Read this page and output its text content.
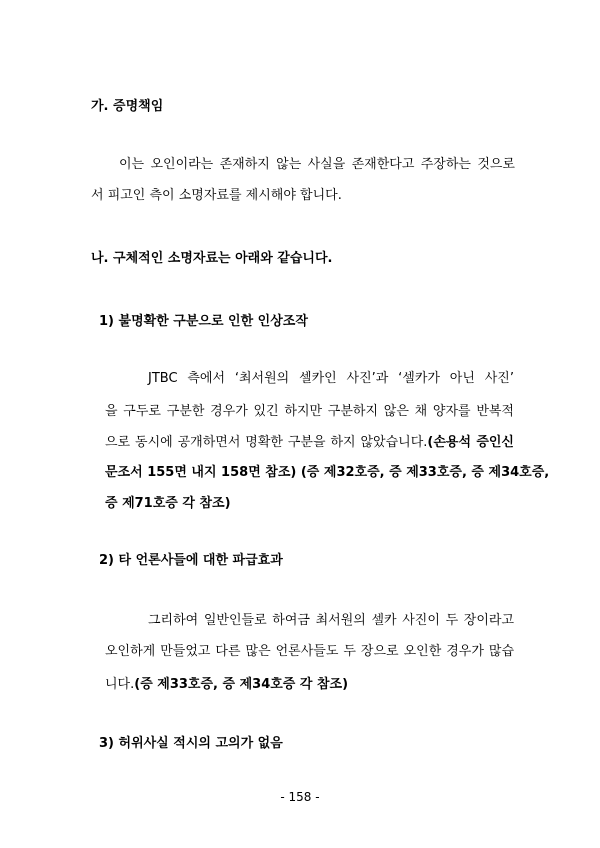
가. 증명책임
이는 오인이라는 존재하지 않는 사실을 존재한다고 주장하는 것으로
서 피고인 측이 소명자료를 제시해야 합니다.
나. 구체적인 소명자료는 아래와 같습니다.
1) 불명확한 구분으로 인한 인상조작
JTBC 측에서 ‘최서원의 셀카인 사진’과 ‘셀카가 아닌 사진’
을 구두로 구분한 경우가 있긴 하지만 구분하지 않은 채 양자를 반복적
으로 동시에 공개하면서 명확한 구분을 하지 않았습니다.(손용석 증인신
문조서 155면 내지 158면 참조) (증 제32호증, 증 제33호증, 증 제34호증,
증 제71호증 각 참조)
2) 타 언론사들에 대한 파급효과
그리하여 일반인들로 하여금 최서원의 셀카 사진이 두 장이라고
오인하게 만들었고 다른 많은 언론사들도 두 장으로 오인한 경우가 많습
니다.(증 제33호증, 증 제34호증 각 참조)
3) 허위사실 적시의 고의가 없음
- 158 -
